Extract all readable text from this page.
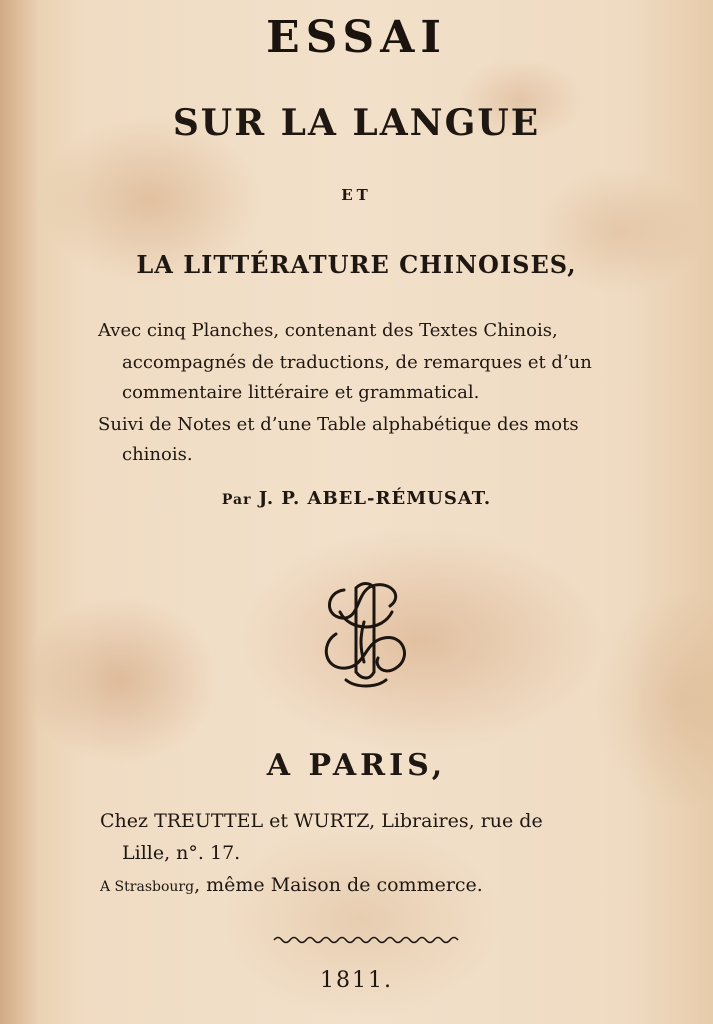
ESSAI
SUR LA LANGUE
ET
LA LITTÉRATURE CHINOISES,
Avec cinq Planches, contenant des Textes Chinois,
accompagnés de traductions, de remarques et d’un
commentaire littéraire et grammatical.
Suivi de Notes et d’une Table alphabétique des mots
chinois.
Par J. P. ABEL-RÉMUSAT.
A PARIS,
Chez TREUTTEL et WURTZ, Libraires, rue de
Lille, n°. 17.
A Strasbourg, même Maison de commerce.
1811.
